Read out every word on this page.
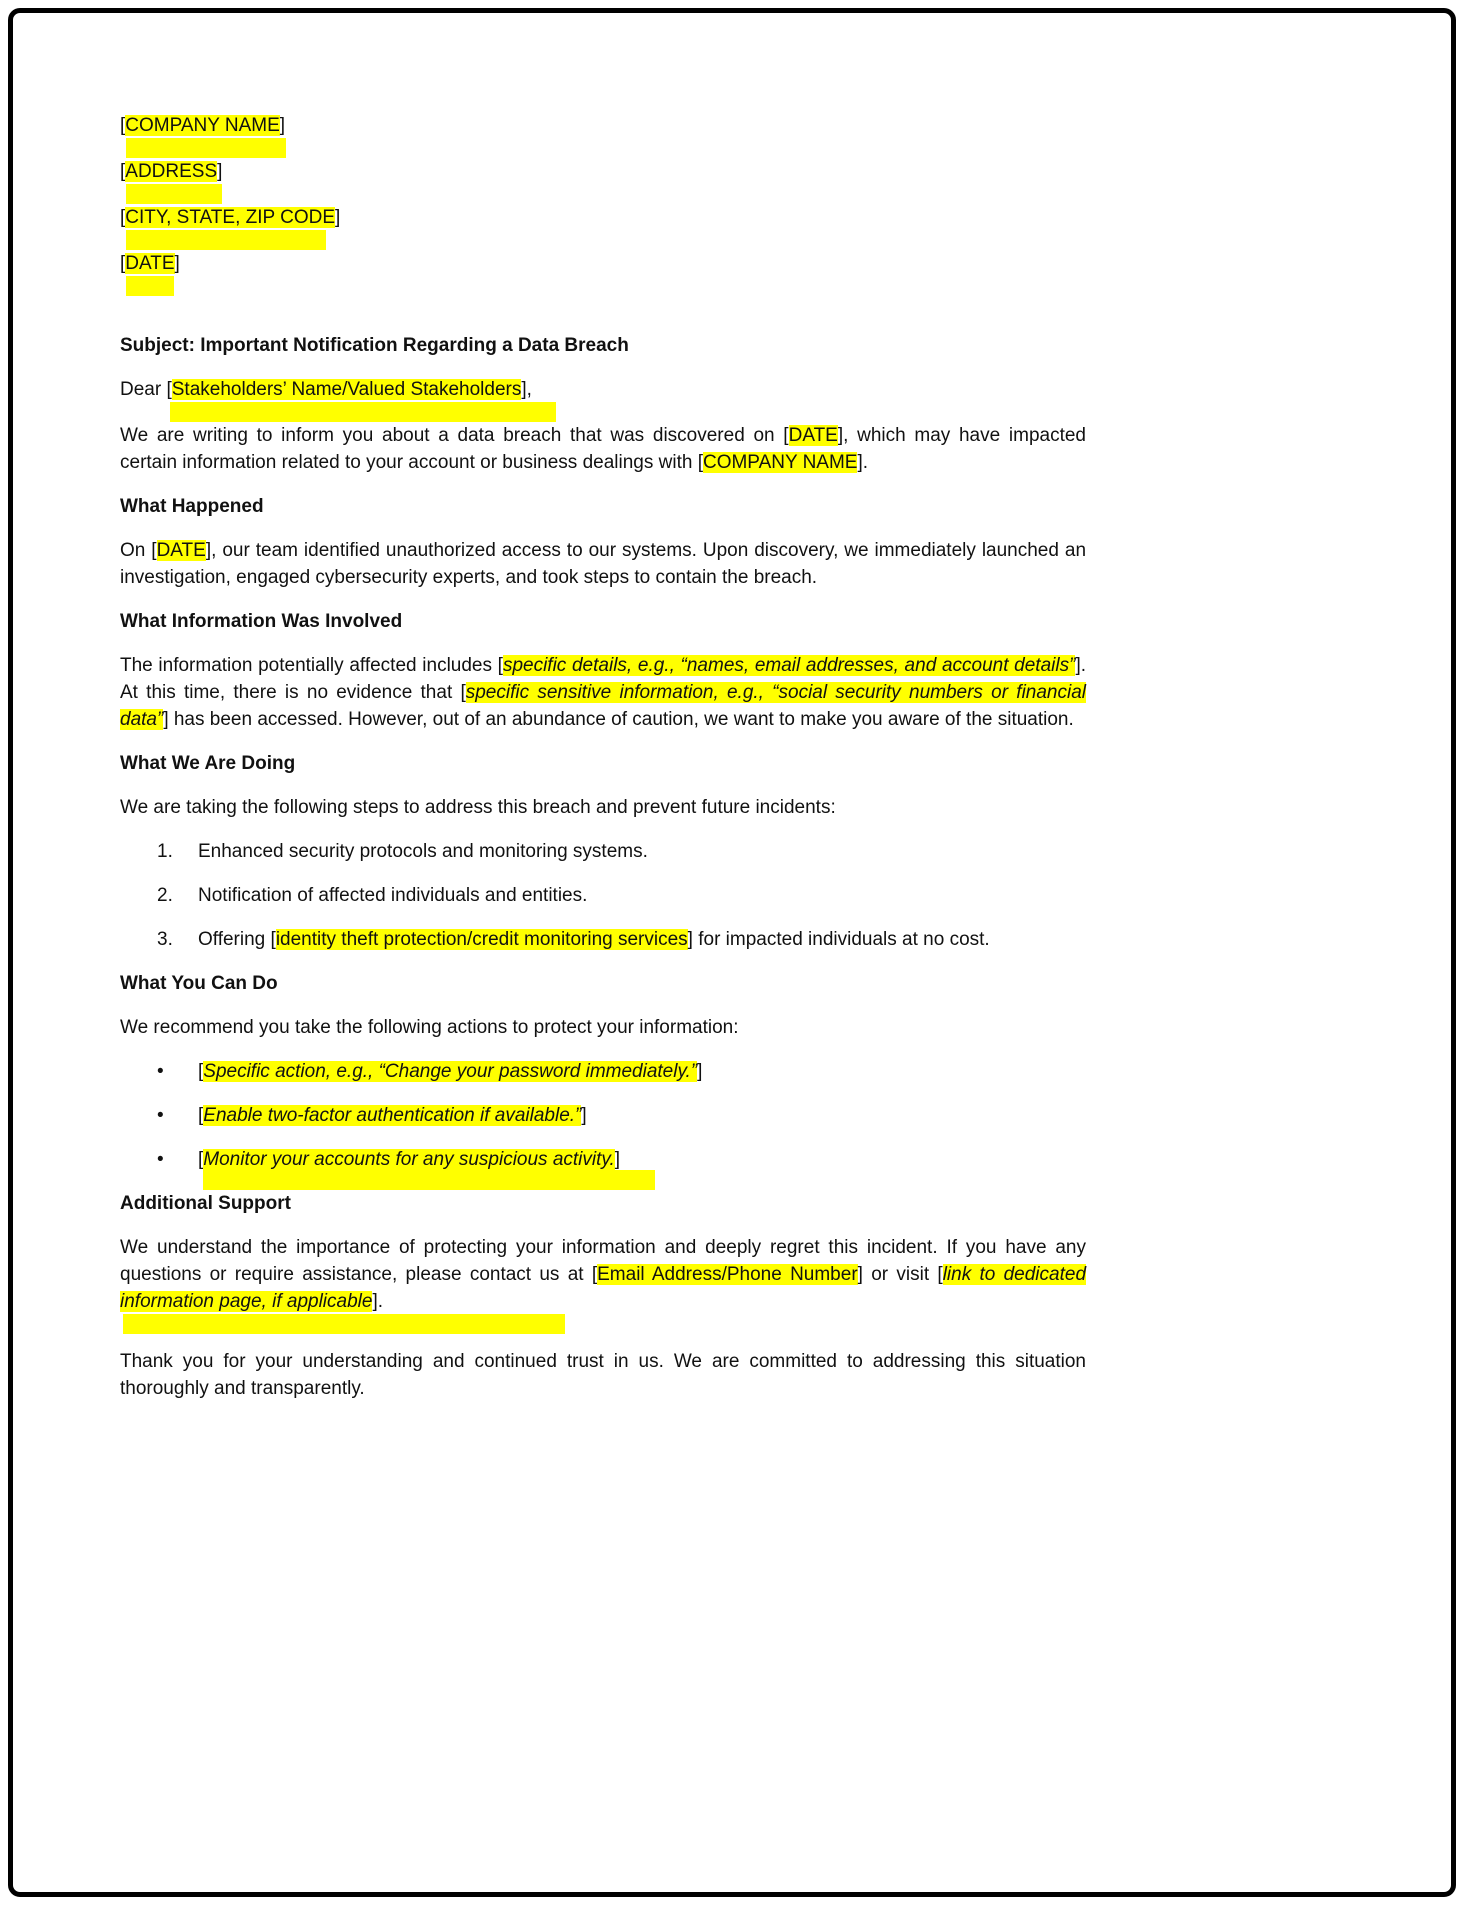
[COMPANY NAME]

[ADDRESS]

[CITY, STATE, ZIP CODE]

[DATE]

Subject: Important Notification Regarding a Data Breach

Dear [Stakeholders’ Name/Valued Stakeholders],

We are writing to inform you about a data breach that was discovered on [DATE], which may have impacted certain information related to your account or business dealings with [COMPANY NAME].

What Happened

On [DATE], our team identified unauthorized access to our systems. Upon discovery, we immediately launched an investigation, engaged cybersecurity experts, and took steps to contain the breach.

What Information Was Involved

The information potentially affected includes [specific details, e.g., “names, email addresses, and account details”]. At this time, there is no evidence that [specific sensitive information, e.g., “social security numbers or financial data”] has been accessed. However, out of an abundance of caution, we want to make you aware of the situation.

What We Are Doing

We are taking the following steps to address this breach and prevent future incidents:

1.	Enhanced security protocols and monitoring systems.
2.	Notification of affected individuals and entities.
3.	Offering [identity theft protection/credit monitoring services] for impacted individuals at no cost.

What You Can Do

We recommend you take the following actions to protect your information:

•	[Specific action, e.g., “Change your password immediately.”]
•	[Enable two-factor authentication if available.”]
•	[Monitor your accounts for any suspicious activity.]

Additional Support

We understand the importance of protecting your information and deeply regret this incident. If you have any questions or require assistance, please contact us at [Email Address/Phone Number] or visit [link to dedicated information page, if applicable].

Thank you for your understanding and continued trust in us. We are committed to addressing this situation thoroughly and transparently.
